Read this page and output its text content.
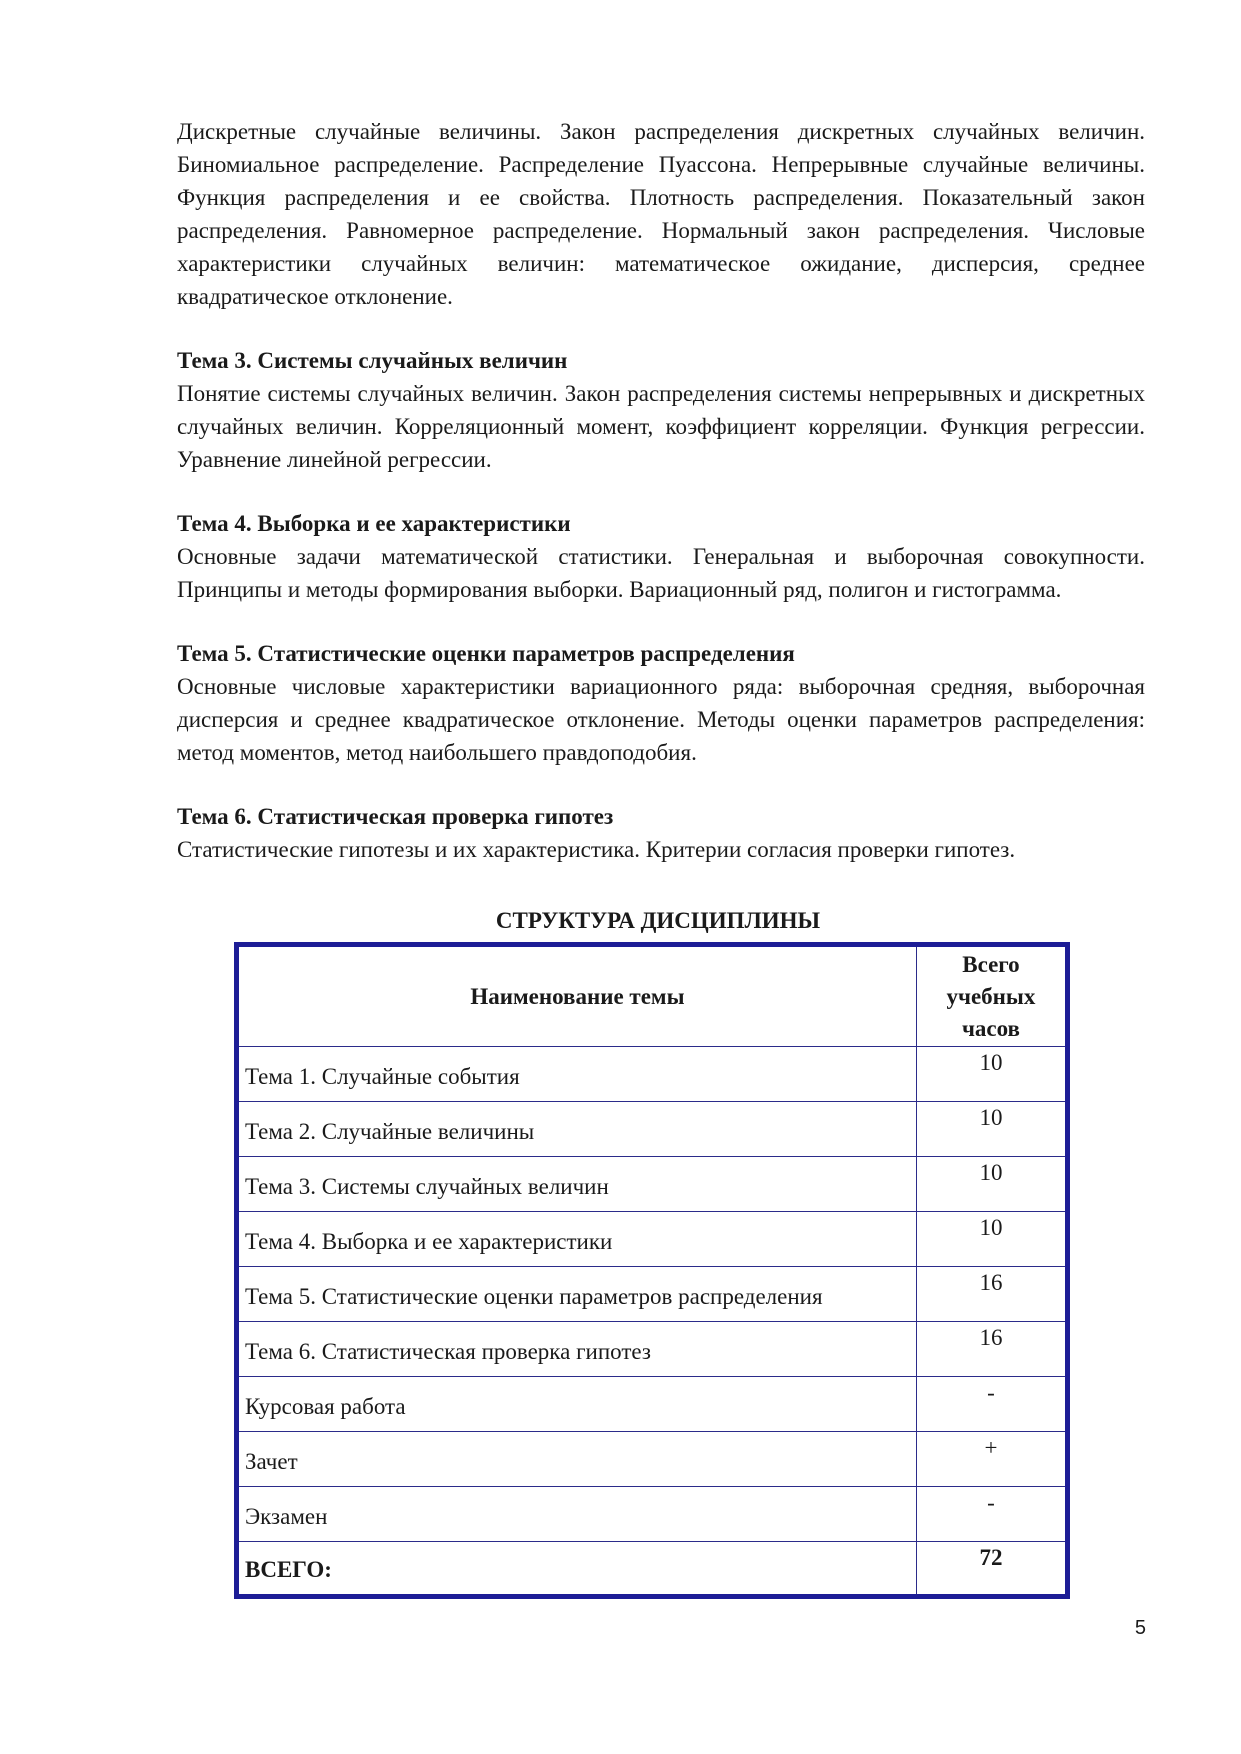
Дискретные случайные величины. Закон распределения дискретных случайных величин. Биномиальное распределение. Распределение Пуассона. Непрерывные случайные величины. Функция распределения и ее свойства. Плотность распределения. Показательный закон распределения. Равномерное распределение. Нормальный закон распределения. Числовые характеристики случайных величин: математическое ожидание, дисперсия, среднее квадратическое отклонение.

Тема 3. Системы случайных величин

Понятие системы случайных величин. Закон распределения системы непрерывных и дискретных случайных величин. Корреляционный момент, коэффициент корреляции. Функция регрессии. Уравнение линейной регрессии.

Тема 4. Выборка и ее характеристики

Основные задачи математической статистики. Генеральная и выборочная совокупности. Принципы и методы формирования выборки. Вариационный ряд, полигон и гистограмма.

Тема 5. Статистические оценки параметров распределения

Основные числовые характеристики вариационного ряда: выборочная средняя, выборочная дисперсия и среднее квадратическое отклонение. Методы оценки параметров распределения: метод моментов, метод наибольшего правдоподобия.

Тема 6. Статистическая проверка гипотез

Статистические гипотезы и их характеристика. Критерии согласия проверки гипотез.

СТРУКТУРА ДИСЦИПЛИНЫ
Наименование темы	Всего учебных часов
Тема 1. Случайные события	10
Тема 2. Случайные величины	10
Тема 3. Системы случайных величин	10
Тема 4. Выборка и ее характеристики	10
Тема 5. Статистические оценки параметров распределения	16
Тема 6. Статистическая проверка гипотез	16
Курсовая работа	-
Зачет	+
Экзамен	-
ВСЕГО:	72
5
